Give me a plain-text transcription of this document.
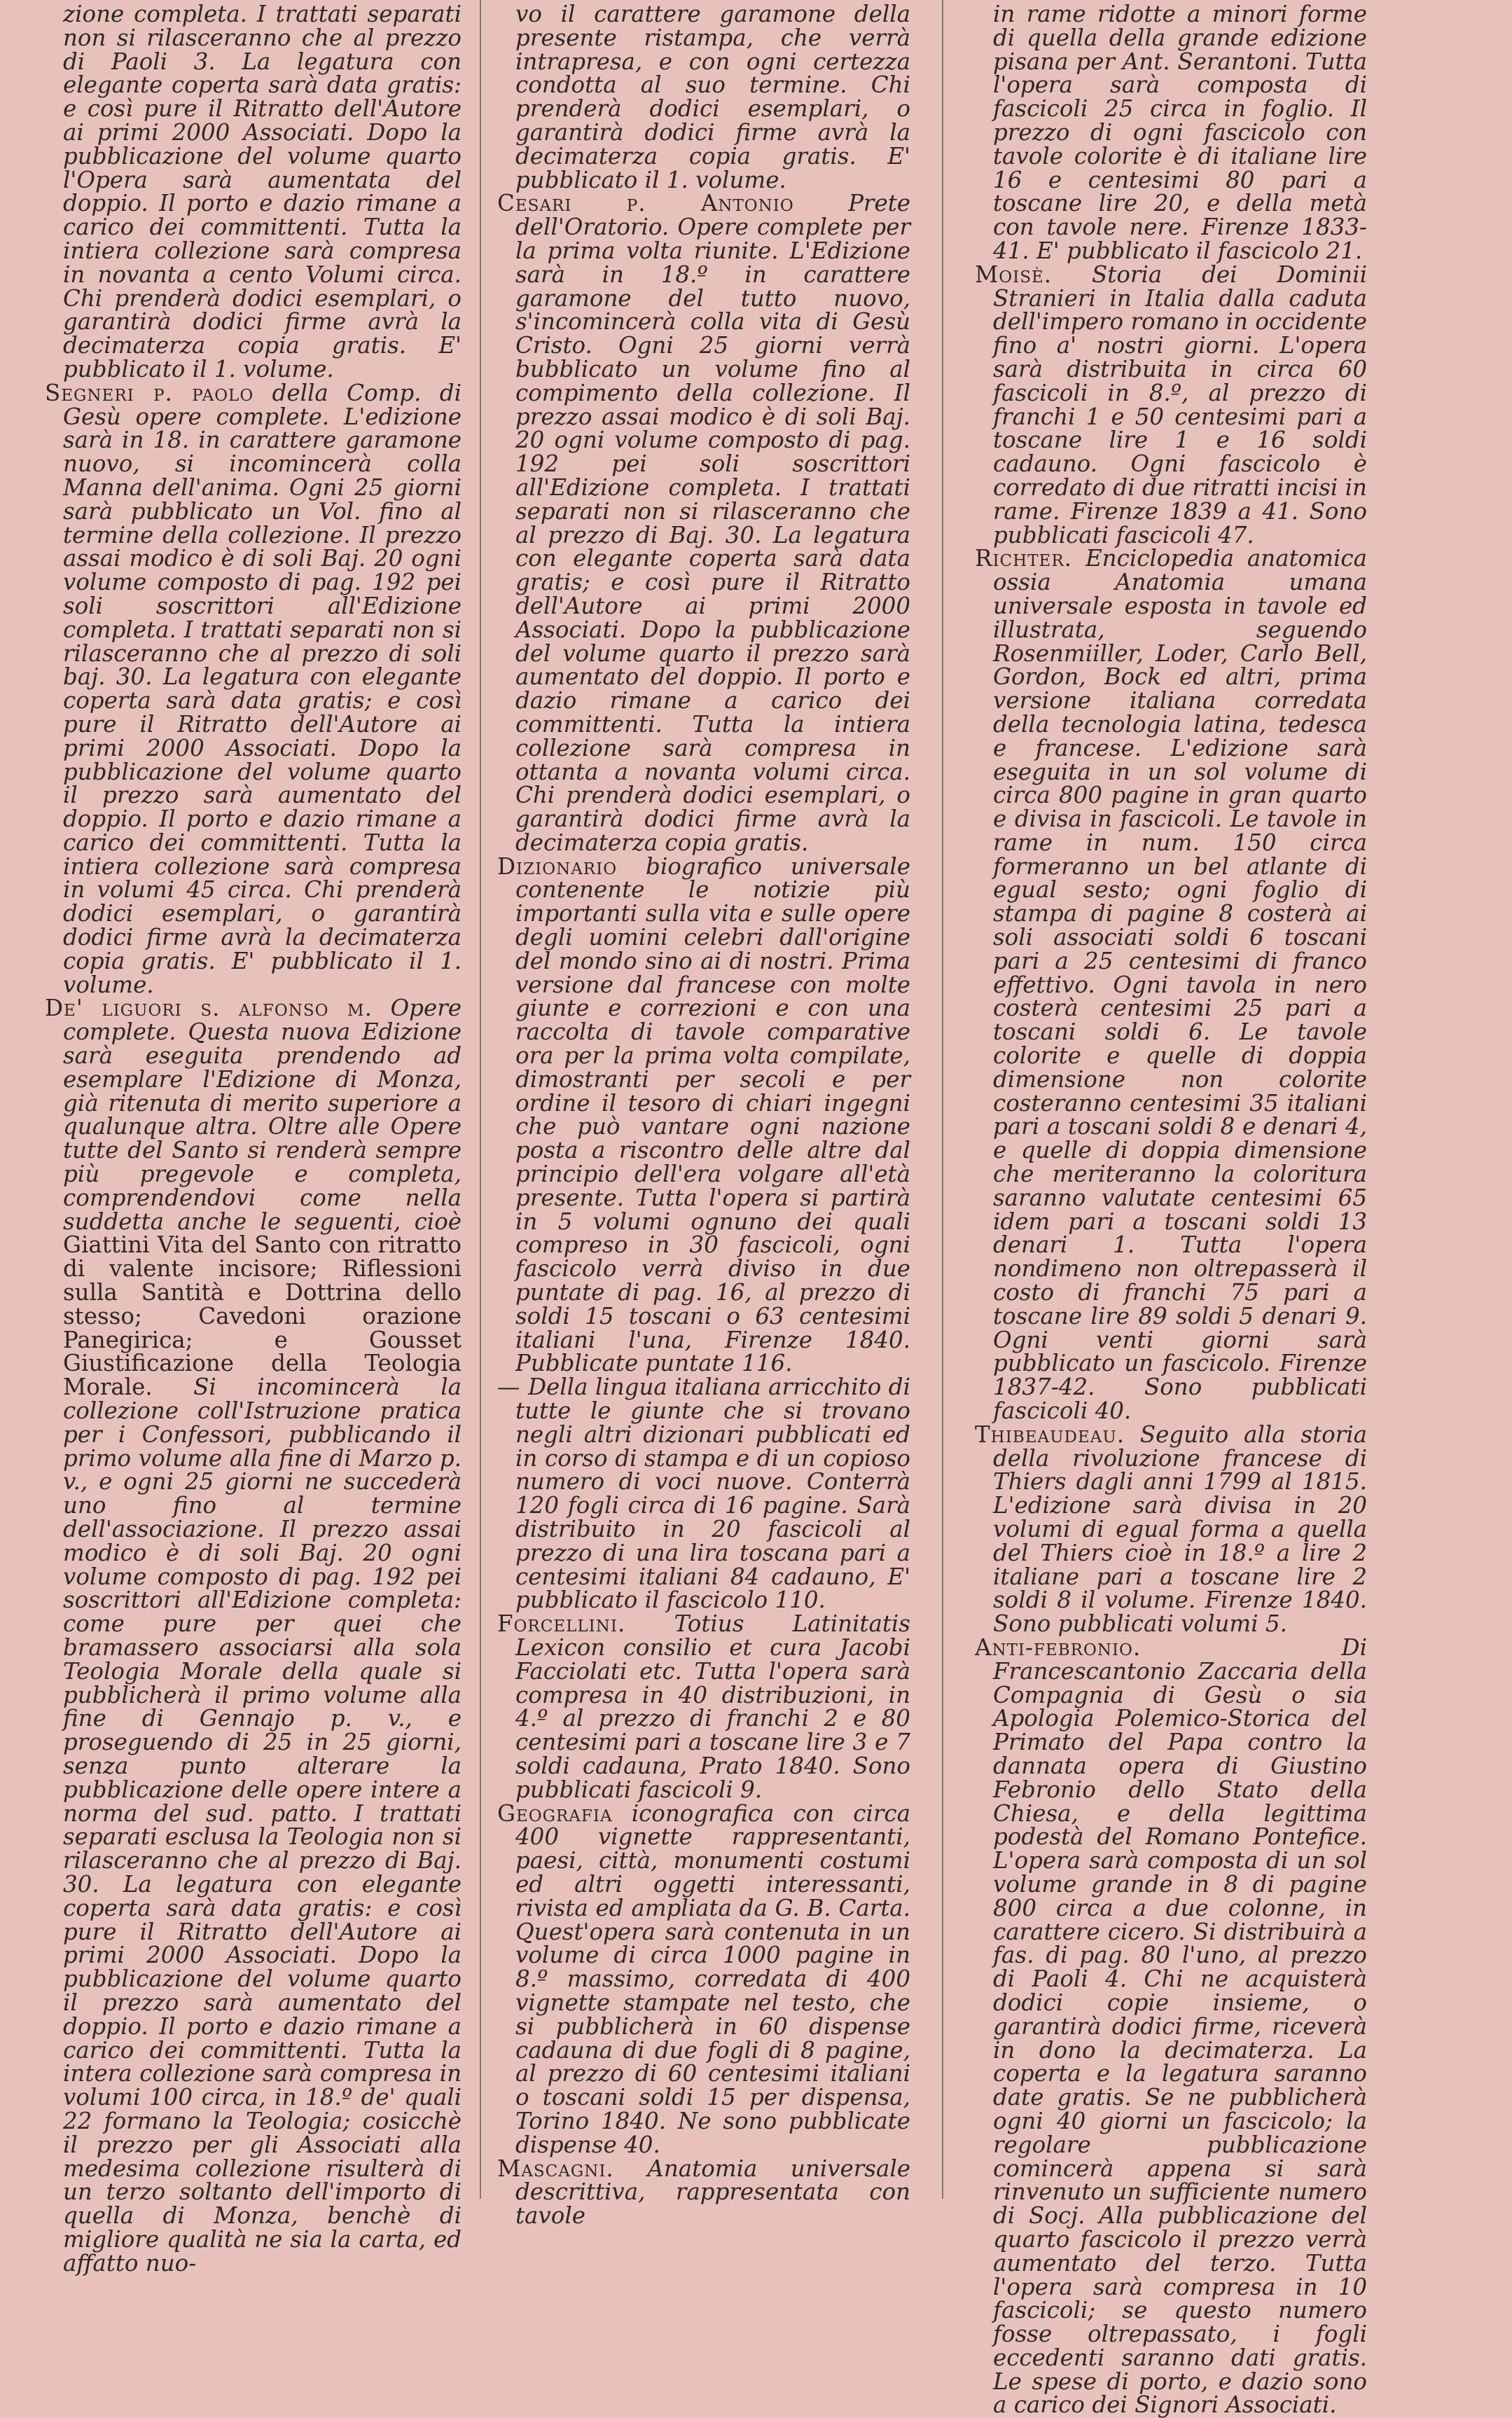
zione completa. I trattati separati non si rilasceranno che al prezzo di Paoli 3. La legatura con elegante coperta sarà data gratis: e così pure il Ritratto dell'Autore ai primi 2000 Associati. Dopo la pubblicazione del volume quarto l'Opera sarà aumentata del doppio. Il porto e dazio rimane a carico dei committenti. Tutta la intiera collezione sarà compresa in novanta a cento Volumi circa. Chi prenderà dodici esemplari, o garantirà dodici firme avrà la decimaterza copia gratis. E' pubblicato il 1. volume.

Segneri p. paolo della Comp. di Gesù opere complete. L'edizione sarà in 18. in carattere garamone nuovo, si incomincerà colla Manna dell'anima. Ogni 25 giorni sarà pubblicato un Vol. fino al termine della collezione. Il prezzo assai modico è di soli Baj. 20 ogni volume composto di pag. 192 pei soli soscrittori all'Edizione completa. I trattati separati non si rilasceranno che al prezzo di soli baj. 30. La legatura con elegante coperta sarà data gratis; e così pure il Ritratto dell'Autore ai primi 2000 Associati. Dopo la pubblicazione del volume quarto il prezzo sarà aumentato del doppio. Il porto e dazio rimane a carico dei committenti. Tutta la intiera collezione sarà compresa in volumi 45 circa. Chi prenderà dodici esemplari, o garantirà dodici firme avrà la decimaterza copia gratis. E' pubblicato il 1. volume.

De' liguori s. alfonso m. Opere complete. Questa nuova Edizione sarà eseguita prendendo ad esemplare l'Edizione di Monza, già ritenuta di merito superiore a qualunque altra. Oltre alle Opere tutte del Santo si renderà sempre più pregevole e completa, comprendendovi come nella suddetta anche le seguenti, cioè Giattini Vita del Santo con ritratto di valente incisore; Riflessioni sulla Santità e Dottrina dello stesso; Cavedoni orazione Panegirica; e Gousset Giustificazione della Teologia Morale. Si incomincerà la collezione coll'Istruzione pratica per i Confessori, pubblicando il primo volume alla fine di Marzo p. v., e ogni 25 giorni ne succederà uno fino al termine dell'associazione. Il prezzo assai modico è di soli Baj. 20 ogni volume composto di pag. 192 pei soscrittori all'Edizione completa: come pure per quei che bramassero associarsi alla sola Teologia Morale della quale si pubblicherà il primo volume alla fine di Gennajo p. v., e proseguendo di 25 in 25 giorni, senza punto alterare la pubblicazione delle opere intere a norma del sud. patto. I trattati separati esclusa la Teologia non si rilasceranno che al prezzo di Baj. 30. La legatura con elegante coperta sarà data gratis: e così pure il Ritratto dell'Autore ai primi 2000 Associati. Dopo la pubblicazione del volume quarto il prezzo sarà aumentato del doppio. Il porto e dazio rimane a carico dei committenti. Tutta la intera collezione sarà compresa in volumi 100 circa, in 18.º de' quali 22 formano la Teologia; cosicchè il prezzo per gli Associati alla medesima collezione risulterà di un terzo soltanto dell'importo di quella di Monza, benchè di migliore qualità ne sia la carta, ed affatto nuo-

vo il carattere garamone della presente ristampa, che verrà intrapresa, e con ogni certezza condotta al suo termine. Chi prenderà dodici esemplari, o garantirà dodici firme avrà la decimaterza copia gratis. E' pubblicato il 1. volume.

Cesari p. Antonio Prete dell'Oratorio. Opere complete per la prima volta riunite. L'Edizione sarà in 18.º in carattere garamone del tutto nuovo, s'incomincerà colla vita di Gesù Cristo. Ogni 25 giorni verrà bubblicato un volume fino al compimento della collezione. Il prezzo assai modico è di soli Baj. 20 ogni volume composto di pag. 192 pei soli soscrittori all'Edizione completa. I trattati separati non si rilasceranno che al prezzo di Baj. 30. La legatura con elegante coperta sarà data gratis; e così pure il Ritratto dell'Autore ai primi 2000 Associati. Dopo la pubblicazione del volume quarto il prezzo sarà aumentato del doppio. Il porto e dazio rimane a carico dei committenti. Tutta la intiera collezione sarà compresa in ottanta a novanta volumi circa. Chi prenderà dodici esemplari, o garantirà dodici firme avrà la decimaterza copia gratis.

Dizionario biografico universale contenente le notizie più importanti sulla vita e sulle opere degli uomini celebri dall'origine del mondo sino ai di nostri. Prima versione dal francese con molte giunte e correzioni e con una raccolta di tavole comparative ora per la prima volta compilate, dimostranti per secoli e per ordine il tesoro di chiari ingegni che può vantare ogni nazione posta a riscontro delle altre dal principio dell'era volgare all'età presente. Tutta l'opera si partirà in 5 volumi ognuno dei quali compreso in 30 fascicoli, ogni fascicolo verrà diviso in due puntate di pag. 16, al prezzo di soldi 15 toscani o 63 centesimi italiani l'una, Firenze 1840. Pubblicate puntate 116.

— Della lingua italiana arricchito di tutte le giunte che si trovano negli altri dizionari pubblicati ed in corso di stampa e di un copioso numero di voci nuove. Conterrà 120 fogli circa di 16 pagine. Sarà distribuito in 20 fascicoli al prezzo di una lira toscana pari a centesimi italiani 84 cadauno, E' pubblicato il fascicolo 110.

Forcellini. Totius Latinitatis Lexicon consilio et cura Jacobi Facciolati etc. Tutta l'opera sarà compresa in 40 distribuzioni, in 4.º al prezzo di franchi 2 e 80 centesimi pari a toscane lire 3 e 7 soldi cadauna, Prato 1840. Sono pubblicati fascicoli 9.

Geografia iconografica con circa 400 vignette rappresentanti, paesi, città, monumenti costumi ed altri oggetti interessanti, rivista ed ampliata da G. B. Carta. Quest'opera sarà contenuta in un volume di circa 1000 pagine in 8.º massimo, corredata di 400 vignette stampate nel testo, che si pubblicherà in 60 dispense cadauna di due fogli di 8 pagine, al prezzo di 60 centesimi italiani o toscani soldi 15 per dispensa, Torino 1840. Ne sono pubblicate dispense 40.

Mascagni. Anatomia universale descrittiva, rappresentata con tavole

in rame ridotte a minori forme di quella della grande edizione pisana per Ant. Serantoni. Tutta l'opera sarà composta di fascicoli 25 circa in foglio. Il prezzo di ogni fascicolo con tavole colorite è di italiane lire 16 e centesimi 80 pari a toscane lire 20, e della metà con tavole nere. Firenze 1833-41. E' pubblicato il fascicolo 21.

Moisè. Storia dei Dominii Stranieri in Italia dalla caduta dell'impero romano in occidente fino a' nostri giorni. L'opera sarà distribuita in circa 60 fascicoli in 8.º, al prezzo di franchi 1 e 50 centesimi pari a toscane lire 1 e 16 soldi cadauno. Ogni fascicolo è corredato di due ritratti incisi in rame. Firenze 1839 a 41. Sono pubblicati fascicoli 47.

Richter. Enciclopedia anatomica ossia Anatomia umana universale esposta in tavole ed illustrata, seguendo Rosenmiiller, Loder, Carlo Bell, Gordon, Bock ed altri, prima versione italiana corredata della tecnologia latina, tedesca e francese. L'edizione sarà eseguita in un sol volume di circa 800 pagine in gran quarto e divisa in fascicoli. Le tavole in rame in num. 150 circa formeranno un bel atlante di egual sesto; ogni foglio di stampa di pagine 8 costerà ai soli associati soldi 6 toscani pari a 25 centesimi di franco effettivo. Ogni tavola in nero costerà centesimi 25 pari a toscani soldi 6. Le tavole colorite e quelle di doppia dimensione non colorite costeranno centesimi 35 italiani pari a toscani soldi 8 e denari 4, e quelle di doppia dimensione che meriteranno la coloritura saranno valutate centesimi 65 idem pari a toscani soldi 13 denari 1. Tutta l'opera nondimeno non oltrepasserà il costo di franchi 75 pari a toscane lire 89 soldi 5 denari 9. Ogni venti giorni sarà pubblicato un fascicolo. Firenze 1837-42. Sono pubblicati fascicoli 40.

Thibeaudeau. Seguito alla storia della rivoluzione francese di Thiers dagli anni 1799 al 1815. L'edizione sarà divisa in 20 volumi di egual forma a quella del Thiers cioè in 18.º a lire 2 italiane pari a toscane lire 2 soldi 8 il volume. Firenze 1840. Sono pubblicati volumi 5.

Anti-febronio.	Di Francescantonio Zaccaria della Compagnia di Gesù o sia Apologia Polemico-Storica del Primato del Papa contro la dannata opera di Giustino Febronio dello Stato della Chiesa, e della legittima podestà del Romano Pontefice. L'opera sarà composta di un sol volume grande in 8 di pagine 800 circa a due colonne, in carattere cicero. Si distribuirà a fas. di pag. 80 l'uno, al prezzo di Paoli 4. Chi ne acquisterà dodici copie insieme, o garantirà dodici firme, riceverà in dono la decimaterza. La coperta e la legatura saranno date gratis. Se ne pubblicherà ogni 40 giorni un fascicolo; la regolare pubblicazione comincerà appena si sarà rinvenuto un sufficiente numero di Socj. Alla pubblicazione del quarto fascicolo il prezzo verrà aumentato del terzo. Tutta l'opera sarà compresa in 10 fascicoli; se questo numero fosse oltrepassato, i fogli eccedenti saranno dati gratis. Le spese di porto, e dazio sono a carico dei Signori Associati.
